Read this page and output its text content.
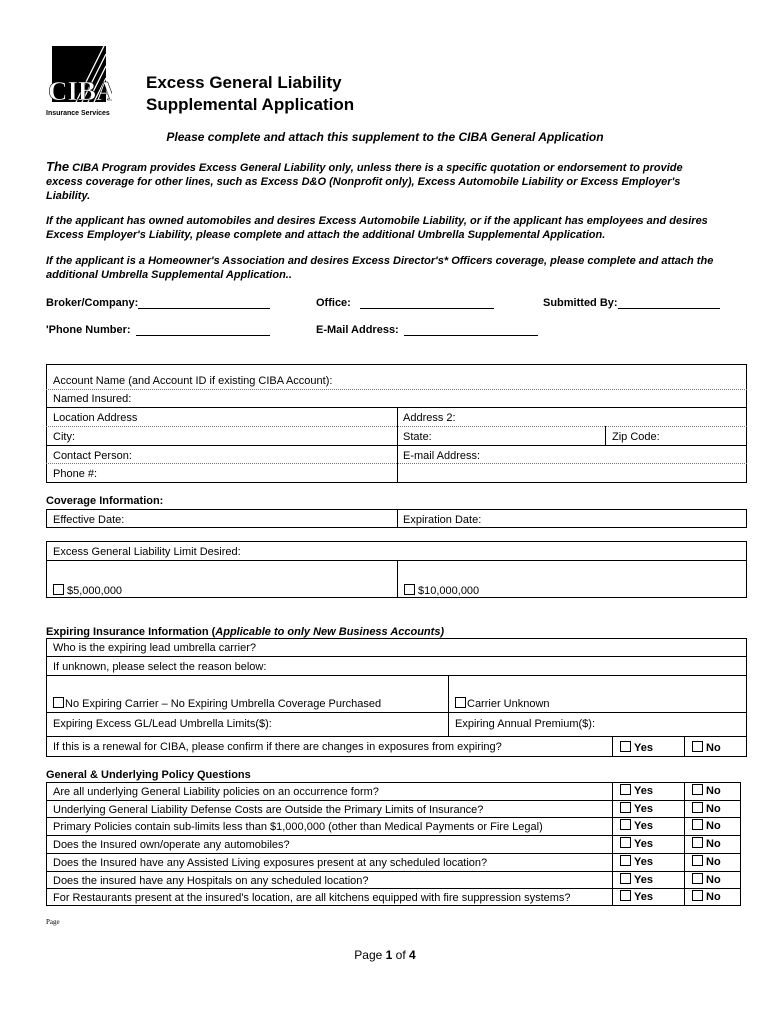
CIBA
Insurance Services
Excess General Liability
Supplemental Application
Please complete and attach this supplement to the CIBA General Application
The CIBA Program provides Excess General Liability only, unless there is a specific quotation or endorsement to provide excess coverage for other lines, such as Excess D&O (Nonprofit only), Excess Automobile Liability or Excess Employer's Liability.
If the applicant has owned automobiles and desires Excess Automobile Liability, or if the applicant has employees and desires Excess Employer's Liability, please complete and attach the additional Umbrella Supplemental Application.
If the applicant is a Homeowner's Association and desires Excess Director's* Officers coverage, please complete and attach the additional Umbrella Supplemental Application..
Broker/Company:	Office:	Submitted By:
'Phone Number:	E-Mail Address:
Account Name (and Account ID if existing CIBA Account):
Named Insured:
Location Address	Address 2:
City:	State:	Zip Code:
Contact Person:	E-mail Address:
Phone #:
Coverage Information:
Effective Date:	Expiration Date:
Excess General Liability Limit Desired:
$5,000,000	$10,000,000
Expiring Insurance Information (Applicable to only New Business Accounts)
Who is the expiring lead umbrella carrier?
If unknown, please select the reason below:
No Expiring Carrier – No Expiring Umbrella Coverage Purchased	Carrier Unknown
Expiring Excess GL/Lead Umbrella Limits($):	Expiring Annual Premium($):
If this is a renewal for CIBA, please confirm if there are changes in exposures from expiring?	Yes	No
General & Underlying Policy Questions
Are all underlying General Liability policies on an occurrence form?	Yes	No
Underlying General Liability Defense Costs are Outside the Primary Limits of Insurance?	Yes	No
Primary Policies contain sub-limits less than $1,000,000 (other than Medical Payments or Fire Legal)	Yes	No
Does the Insured own/operate any automobiles?	Yes	No
Does the Insured have any Assisted Living exposures present at any scheduled location?	Yes	No
Does the insured have any Hospitals on any scheduled location?	Yes	No
For Restaurants present at the insured's location, are all kitchens equipped with fire suppression systems?	Yes	No
Page
Page 1 of 4
